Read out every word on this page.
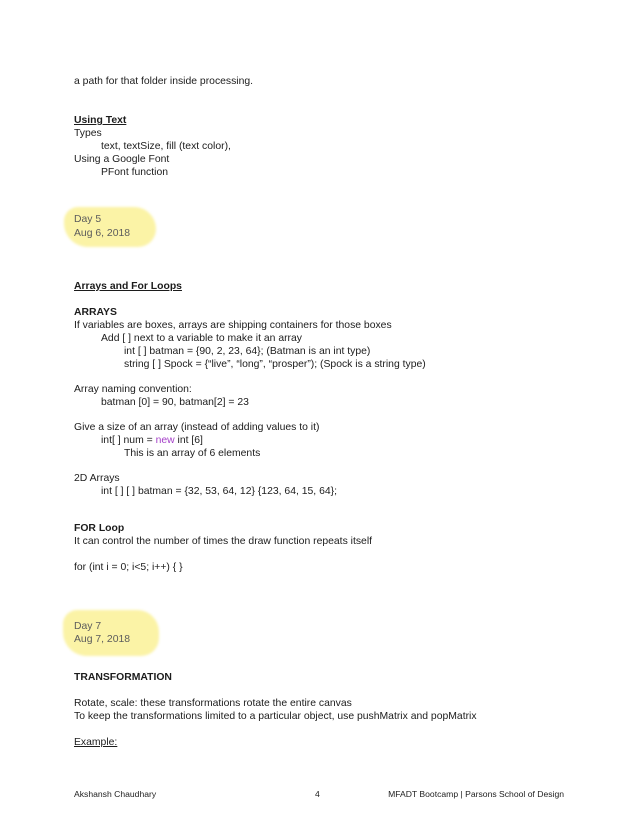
a path for that folder inside processing.
Using Text
Types
text, textSize, fill (text color),
Using a Google Font
PFont function
Day 5
Aug 6, 2018
Arrays and For Loops
ARRAYS
If variables are boxes, arrays are shipping containers for those boxes
Add [ ] next to a variable to make it an array
int [ ] batman = {90, 2, 23, 64}; (Batman is an int type)
string [ ] Spock = {“live”, “long”, “prosper”); (Spock is a string type)
Array naming convention:
batman [0] = 90, batman[2] = 23
Give a size of an array (instead of adding values to it)
int[ ] num = new int [6]
This is an array of 6 elements
2D Arrays
int [ ] [ ] batman = {32, 53, 64, 12} {123, 64, 15, 64};
FOR Loop
It can control the number of times the draw function repeats itself
for (int i = 0; i<5; i++) { }
Day 7
Aug 7, 2018
TRANSFORMATION
Rotate, scale: these transformations rotate the entire canvas
To keep the transformations limited to a particular object, use pushMatrix and popMatrix
Example:
Akshansh Chaudhary	4	MFADT Bootcamp | Parsons School of Design
